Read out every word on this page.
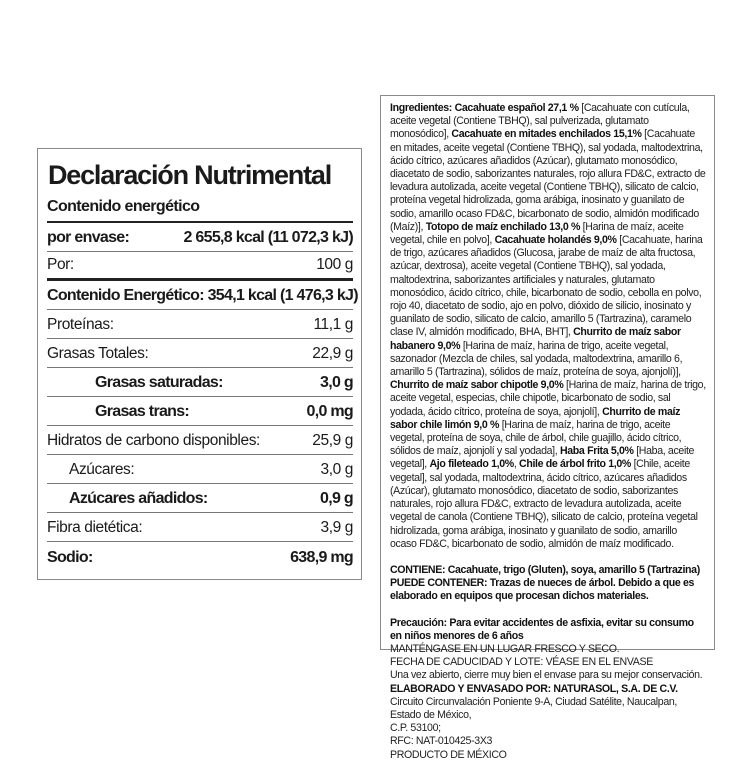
Declaración Nutrimental
Contenido energético
por envase:	2 655,8 kcal (11 072,3 kJ)
Por:	100 g
Contenido Energético: 354,1 kcal (1 476,3 kJ)
Proteínas:	11,1 g
Grasas Totales:	22,9 g
Grasas saturadas:	3,0 g
Grasas trans:	0,0 mg
Hidratos de carbono disponibles:	25,9 g
Azúcares:	3,0 g
Azúcares añadidos:	0,9 g
Fibra dietética:	3,9 g
Sodio:	638,9 mg

Ingredientes: Cacahuate español 27,1 % [Cacahuate con cutícula, aceite vegetal (Contiene TBHQ), sal pulverizada, glutamato monosódico], Cacahuate en mitades enchilados 15,1% [Cacahuate en mitades, aceite vegetal (Contiene TBHQ), sal yodada, maltodextrina, ácido cítrico, azúcares añadidos (Azúcar), glutamato monosódico, diacetato de sodio, saborizantes naturales, rojo allura FD&C, extracto de levadura autolizada, aceite vegetal (Contiene TBHQ), silicato de calcio, proteína vegetal hidrolizada, goma arábiga, inosinato y guanilato de sodio, amarillo ocaso FD&C, bicarbonato de sodio, almidón modificado (Maíz)], Totopo de maíz enchilado 13,0 % [Harina de maíz, aceite vegetal, chile en polvo], Cacahuate holandés 9,0% [Cacahuate, harina de trigo, azúcares añadidos (Glucosa, jarabe de maíz de alta fructosa, azúcar, dextrosa), aceite vegetal (Contiene TBHQ), sal yodada, maltodextrina, saborizantes artificiales y naturales, glutamato monosódico, ácido cítrico, chile, bicarbonato de sodio, cebolla en polvo, rojo 40, diacetato de sodio, ajo en polvo, dióxido de silicio, inosinato y guanilato de sodio, silicato de calcio, amarillo 5 (Tartrazina), caramelo clase IV, almidón modificado, BHA, BHT], Churrito de maíz sabor habanero 9,0% [Harina de maíz, harina de trigo, aceite vegetal, sazonador (Mezcla de chiles, sal yodada, maltodextrina, amarillo 6, amarillo 5 (Tartrazina), sólidos de maíz, proteína de soya, ajonjolí)], Churrito de maíz sabor chipotle 9,0% [Harina de maíz, harina de trigo, aceite vegetal, especias, chile chipotle, bicarbonato de sodio, sal yodada, ácido cítrico, proteína de soya, ajonjolí], Churrito de maíz sabor chile limón 9,0 % [Harina de maíz, harina de trigo, aceite vegetal, proteína de soya, chile de árbol, chile guajillo, ácido cítrico, sólidos de maíz, ajonjolí y sal yodada], Haba Frita 5,0% [Haba, aceite vegetal], Ajo fileteado 1,0%, Chile de árbol frito 1,0% [Chile, aceite vegetal], sal yodada, maltodextrina, ácido cítrico, azúcares añadidos (Azúcar), glutamato monosódico, diacetato de sodio, saborizantes naturales, rojo allura FD&C, extracto de levadura autolizada, aceite vegetal de canola (Contiene TBHQ), silicato de calcio, proteína vegetal hidrolizada, goma arábiga, inosinato y guanilato de sodio, amarillo ocaso FD&C, bicarbonato de sodio, almidón de maíz modificado.

CONTIENE: Cacahuate, trigo (Gluten), soya, amarillo 5 (Tartrazina)
PUEDE CONTENER: Trazas de nueces de árbol. Debido a que es elaborado en equipos que procesan dichos materiales.

Precaución: Para evitar accidentes de asfixia, evitar su consumo en niños menores de 6 años
MANTÉNGASE EN UN LUGAR FRESCO Y SECO.
FECHA DE CADUCIDAD Y LOTE: VÉASE EN EL ENVASE
Una vez abierto, cierre muy bien el envase para su mejor conservación.
ELABORADO Y ENVASADO POR: NATURASOL, S.A. DE C.V. Circuito Circunvalación Poniente 9-A, Ciudad Satélite, Naucalpan, Estado de México,
C.P. 53100;
RFC: NAT-010425-3X3
PRODUCTO DE MÉXICO
